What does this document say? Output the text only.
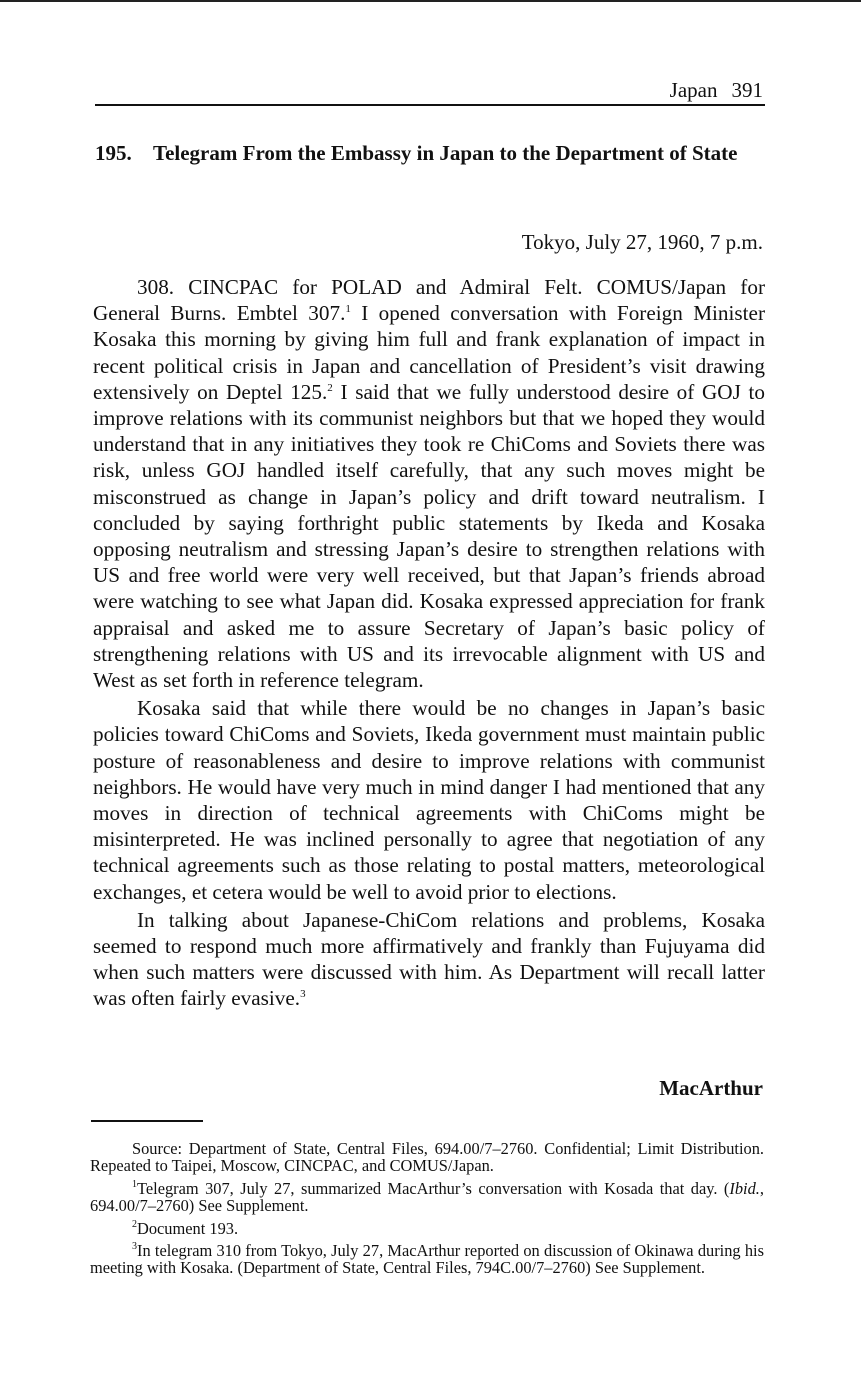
Japan 391
195. Telegram From the Embassy in Japan to the Department of State
Tokyo, July 27, 1960, 7 p.m.

308. CINCPAC for POLAD and Admiral Felt. COMUS/Japan for General Burns. Embtel 307.$^1$ I opened conversation with Foreign Minister Kosaka this morning by giving him full and frank explanation of impact in recent political crisis in Japan and cancellation of President’s visit drawing extensively on Deptel 125.$^2$ I said that we fully understood desire of GOJ to improve relations with its communist neighbors but that we hoped they would understand that in any initiatives they took re ChiComs and Soviets there was risk, unless GOJ handled itself carefully, that any such moves might be misconstrued as change in Japan’s policy and drift toward neutralism. I concluded by saying forthright public statements by Ikeda and Kosaka opposing neutralism and stressing Japan’s desire to strengthen relations with US and free world were very well received, but that Japan’s friends abroad were watching to see what Japan did. Kosaka expressed appreciation for frank appraisal and asked me to assure Secretary of Japan’s basic policy of strengthening relations with US and its irrevocable alignment with US and West as set forth in reference telegram.

Kosaka said that while there would be no changes in Japan’s basic policies toward ChiComs and Soviets, Ikeda government must maintain public posture of reasonableness and desire to improve relations with communist neighbors. He would have very much in mind danger I had mentioned that any moves in direction of technical agreements with ChiComs might be misinterpreted. He was inclined personally to agree that negotiation of any technical agreements such as those relating to postal matters, meteorological exchanges, et cetera would be well to avoid prior to elections.

In talking about Japanese-ChiCom relations and problems, Kosaka seemed to respond much more affirmatively and frankly than Fujuyama did when such matters were discussed with him. As Department will recall latter was often fairly evasive.$^3$

MacArthur

Source: Department of State, Central Files, 694.00/7–2760. Confidential; Limit Distribution. Repeated to Taipei, Moscow, CINCPAC, and COMUS/Japan.

$^1$Telegram 307, July 27, summarized MacArthur’s conversation with Kosada that day. (Ibid., 694.00/7–2760) See Supplement.

$^2$Document 193.

$^3$In telegram 310 from Tokyo, July 27, MacArthur reported on discussion of Okinawa during his meeting with Kosaka. (Department of State, Central Files, 794C.00/7–2760) See Supplement.
